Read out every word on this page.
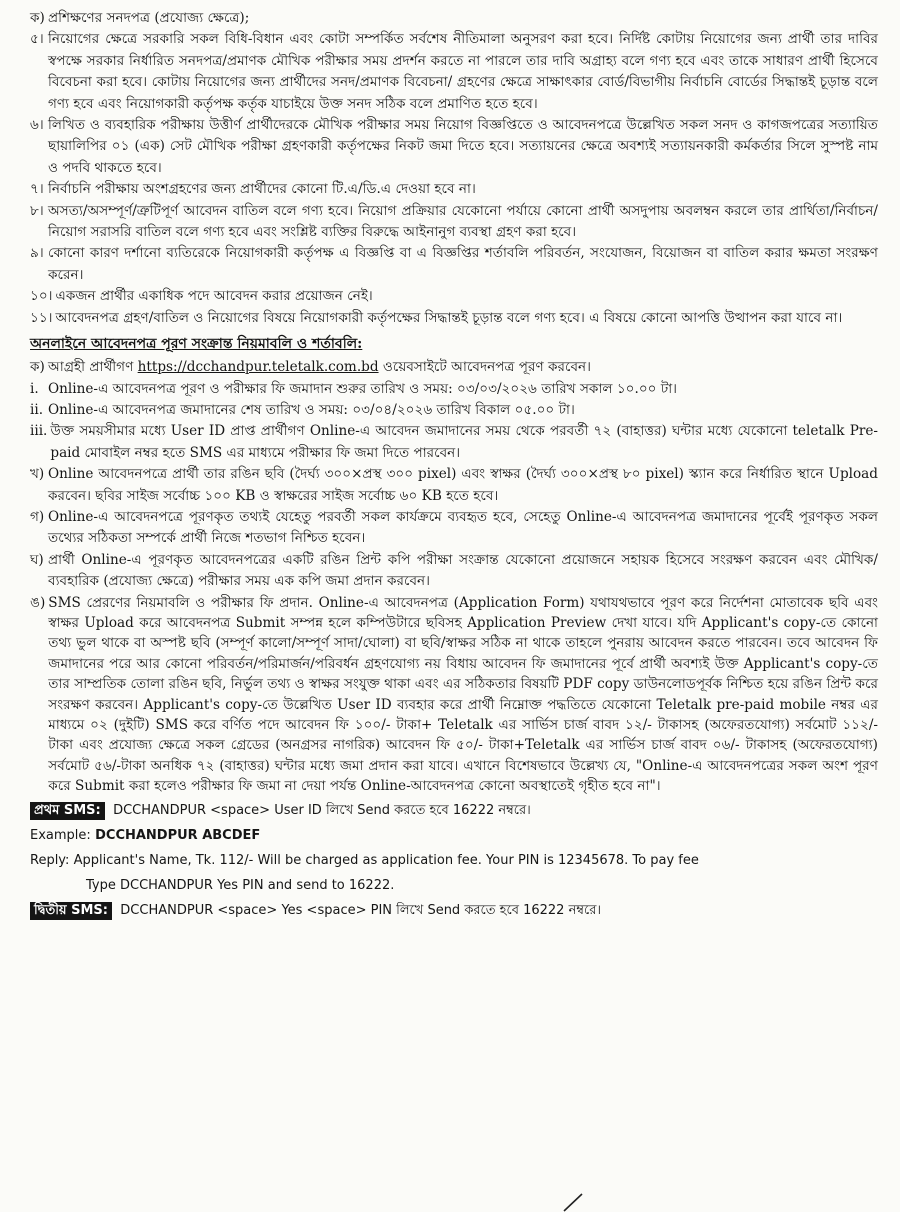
ক) প্রশিক্ষণের সনদপত্র (প্রযোজ্য ক্ষেত্রে);
৫। নিয়োগের ক্ষেত্রে সরকারি সকল বিধি-বিধান এবং কোটা সম্পর্কিত সর্বশেষ নীতিমালা অনুসরণ করা হবে। নির্দিষ্ট কোটায় নিয়োগের জন্য প্রার্থী তার দাবির স্বপক্ষে সরকার নির্ধারিত সনদপত্র/প্রমাণক মৌখিক পরীক্ষার সময় প্রদর্শন করতে না পারলে তার দাবি অগ্রাহ্য বলে গণ্য হবে এবং তাকে সাধারণ প্রার্থী হিসেবে বিবেচনা করা হবে। কোটায় নিয়োগের জন্য প্রার্থীদের সনদ/প্রমাণক বিবেচনা/ গ্রহণের ক্ষেত্রে সাক্ষাৎকার বোর্ড/বিভাগীয় নির্বাচনি বোর্ডের সিদ্ধান্তই চূড়ান্ত বলে গণ্য হবে এবং নিয়োগকারী কর্তৃপক্ষ কর্তৃক যাচাইয়ে উক্ত সনদ সঠিক বলে প্রমাণিত হতে হবে।
৬। লিখিত ও ব্যবহারিক পরীক্ষায় উত্তীর্ণ প্রার্থীদেরকে মৌখিক পরীক্ষার সময় নিয়োগ বিজ্ঞপ্তিতে ও আবেদনপত্রে উল্লেখিত সকল সনদ ও কাগজপত্রের সত্যায়িত ছায়ালিপির ০১ (এক) সেট মৌখিক পরীক্ষা গ্রহণকারী কর্তৃপক্ষের নিকট জমা দিতে হবে। সত্যায়নের ক্ষেত্রে অবশ্যই সত্যায়নকারী কর্মকর্তার সিলে সুস্পষ্ট নাম ও পদবি থাকতে হবে।
৭। নির্বাচনি পরীক্ষায় অংশগ্রহণের জন্য প্রার্থীদের কোনো টি.এ/ডি.এ দেওয়া হবে না।
৮। অসত্য/অসম্পূর্ণ/ত্রুটিপূর্ণ আবেদন বাতিল বলে গণ্য হবে। নিয়োগ প্রক্রিয়ার যেকোনো পর্যায়ে কোনো প্রার্থী অসদুপায় অবলম্বন করলে তার প্রার্থিতা/নির্বাচন/নিয়োগ সরাসরি বাতিল বলে গণ্য হবে এবং সংশ্লিষ্ট ব্যক্তির বিরুদ্ধে আইনানুগ ব্যবস্থা গ্রহণ করা হবে।
৯। কোনো কারণ দর্শানো ব্যতিরেকে নিয়োগকারী কর্তৃপক্ষ এ বিজ্ঞপ্তি বা এ বিজ্ঞপ্তির শর্তাবলি পরিবর্তন, সংযোজন, বিয়োজন বা বাতিল করার ক্ষমতা সংরক্ষণ করেন।
১০। একজন প্রার্থীর একাধিক পদে আবেদন করার প্রয়োজন নেই।
১১। আবেদনপত্র গ্রহণ/বাতিল ও নিয়োগের বিষয়ে নিয়োগকারী কর্তৃপক্ষের সিদ্ধান্তই চূড়ান্ত বলে গণ্য হবে। এ বিষয়ে কোনো আপত্তি উত্থাপন করা যাবে না।
অনলাইনে আবেদনপত্র পূরণ সংক্রান্ত নিয়মাবলি ও শর্তাবলি:
ক) আগ্রহী প্রার্থীগণ https://dcchandpur.teletalk.com.bd ওয়েবসাইটে আবেদনপত্র পূরণ করবেন।
i. Online-এ আবেদনপত্র পূরণ ও পরীক্ষার ফি জমাদান শুরুর তারিখ ও সময়: ০৩/০৩/২০২৬ তারিখ সকাল ১০.০০ টা।
ii. Online-এ আবেদনপত্র জমাদানের শেষ তারিখ ও সময়: ০৩/০৪/২০২৬ তারিখ বিকাল ০৫.০০ টা।
iii. উক্ত সময়সীমার মধ্যে User ID প্রাপ্ত প্রার্থীগণ Online-এ আবেদন জমাদানের সময় থেকে পরবর্তী ৭২ (বাহাত্তর) ঘন্টার মধ্যে যেকোনো teletalk Pre-paid মোবাইল নম্বর হতে SMS এর মাধ্যমে পরীক্ষার ফি জমা দিতে পারবেন।
খ) Online আবেদনপত্রে প্রার্থী তার রঙিন ছবি (দৈর্ঘ্য ৩০০×প্রস্থ ৩০০ pixel) এবং স্বাক্ষর (দৈর্ঘ্য ৩০০×প্রস্থ ৮০ pixel) স্ক্যান করে নির্ধারিত স্থানে Upload করবেন। ছবির সাইজ সর্বোচ্চ ১০০ KB ও স্বাক্ষরের সাইজ সর্বোচ্চ ৬০ KB হতে হবে।
গ) Online-এ আবেদনপত্রে পূরণকৃত তথ্যই যেহেতু পরবর্তী সকল কার্যক্রমে ব্যবহৃত হবে, সেহেতু Online-এ আবেদনপত্র জমাদানের পূর্বেই পূরণকৃত সকল তথ্যের সঠিকতা সম্পর্কে প্রার্থী নিজে শতভাগ নিশ্চিত হবেন।
ঘ) প্রার্থী Online-এ পূরণকৃত আবেদনপত্রের একটি রঙিন প্রিন্ট কপি পরীক্ষা সংক্রান্ত যেকোনো প্রয়োজনে সহায়ক হিসেবে সংরক্ষণ করবেন এবং মৌখিক/ব্যবহারিক (প্রযোজ্য ক্ষেত্রে) পরীক্ষার সময় এক কপি জমা প্রদান করবেন।
ঙ) SMS প্রেরণের নিয়মাবলি ও পরীক্ষার ফি প্রদান. Online-এ আবেদনপত্র (Application Form) যথাযথভাবে পূরণ করে নির্দেশনা মোতাবেক ছবি এবং স্বাক্ষর Upload করে আবেদনপত্র Submit সম্পন্ন হলে কম্পিউটারে ছবিসহ Application Preview দেখা যাবে। যদি Applicant's copy-তে কোনো তথ্য ভুল থাকে বা অস্পষ্ট ছবি (সম্পূর্ণ কালো/সম্পূর্ণ সাদা/ঘোলা) বা ছবি/স্বাক্ষর সঠিক না থাকে তাহলে পুনরায় আবেদন করতে পারবেন। তবে আবেদন ফি জমাদানের পরে আর কোনো পরিবর্তন/পরিমার্জন/পরিবর্ধন গ্রহণযোগ্য নয় বিধায় আবেদন ফি জমাদানের পূর্বে প্রার্থী অবশ্যই উক্ত Applicant's copy-তে তার সাম্প্রতিক তোলা রঙিন ছবি, নির্ভুল তথ্য ও স্বাক্ষর সংযুক্ত থাকা এবং এর সঠিকতার বিষয়টি PDF copy ডাউনলোডপূর্বক নিশ্চিত হয়ে রঙিন প্রিন্ট করে সংরক্ষণ করবেন। Applicant's copy-তে উল্লেখিত User ID ব্যবহার করে প্রার্থী নিম্নোক্ত পদ্ধতিতে যেকোনো Teletalk pre-paid mobile নম্বর এর মাধ্যমে ০২ (দুইটি) SMS করে বর্ণিত পদে আবেদন ফি ১০০/- টাকা+ Teletalk এর সার্ভিস চার্জ বাবদ ১২/- টাকাসহ (অফেরতযোগ্য) সর্বমোট ১১২/- টাকা এবং প্রযোজ্য ক্ষেত্রে সকল গ্রেডের (অনগ্রসর নাগরিক) আবেদন ফি ৫০/- টাকা+Teletalk এর সার্ভিস চার্জ বাবদ ০৬/- টাকাসহ (অফেরতযোগ্য) সর্বমোট ৫৬/-টাকা অনধিক ৭২ (বাহাত্তর) ঘন্টার মধ্যে জমা প্রদান করা যাবে। এখানে বিশেষভাবে উল্লেখ্য যে, "Online-এ আবেদনপত্রের সকল অংশ পূরণ করে Submit করা হলেও পরীক্ষার ফি জমা না দেয়া পর্যন্ত Online-আবেদনপত্র কোনো অবস্থাতেই গৃহীত হবে না"।
প্রথম SMS: DCCHANDPUR <space> User ID লিখে Send করতে হবে 16222 নম্বরে।
Example: DCCHANDPUR ABCDEF
Reply: Applicant's Name, Tk. 112/- Will be charged as application fee. Your PIN is 12345678. To pay fee
Type DCCHANDPUR Yes PIN and send to 16222.
দ্বিতীয় SMS: DCCHANDPUR <space> Yes <space> PIN লিখে Send করতে হবে 16222 নম্বরে।
